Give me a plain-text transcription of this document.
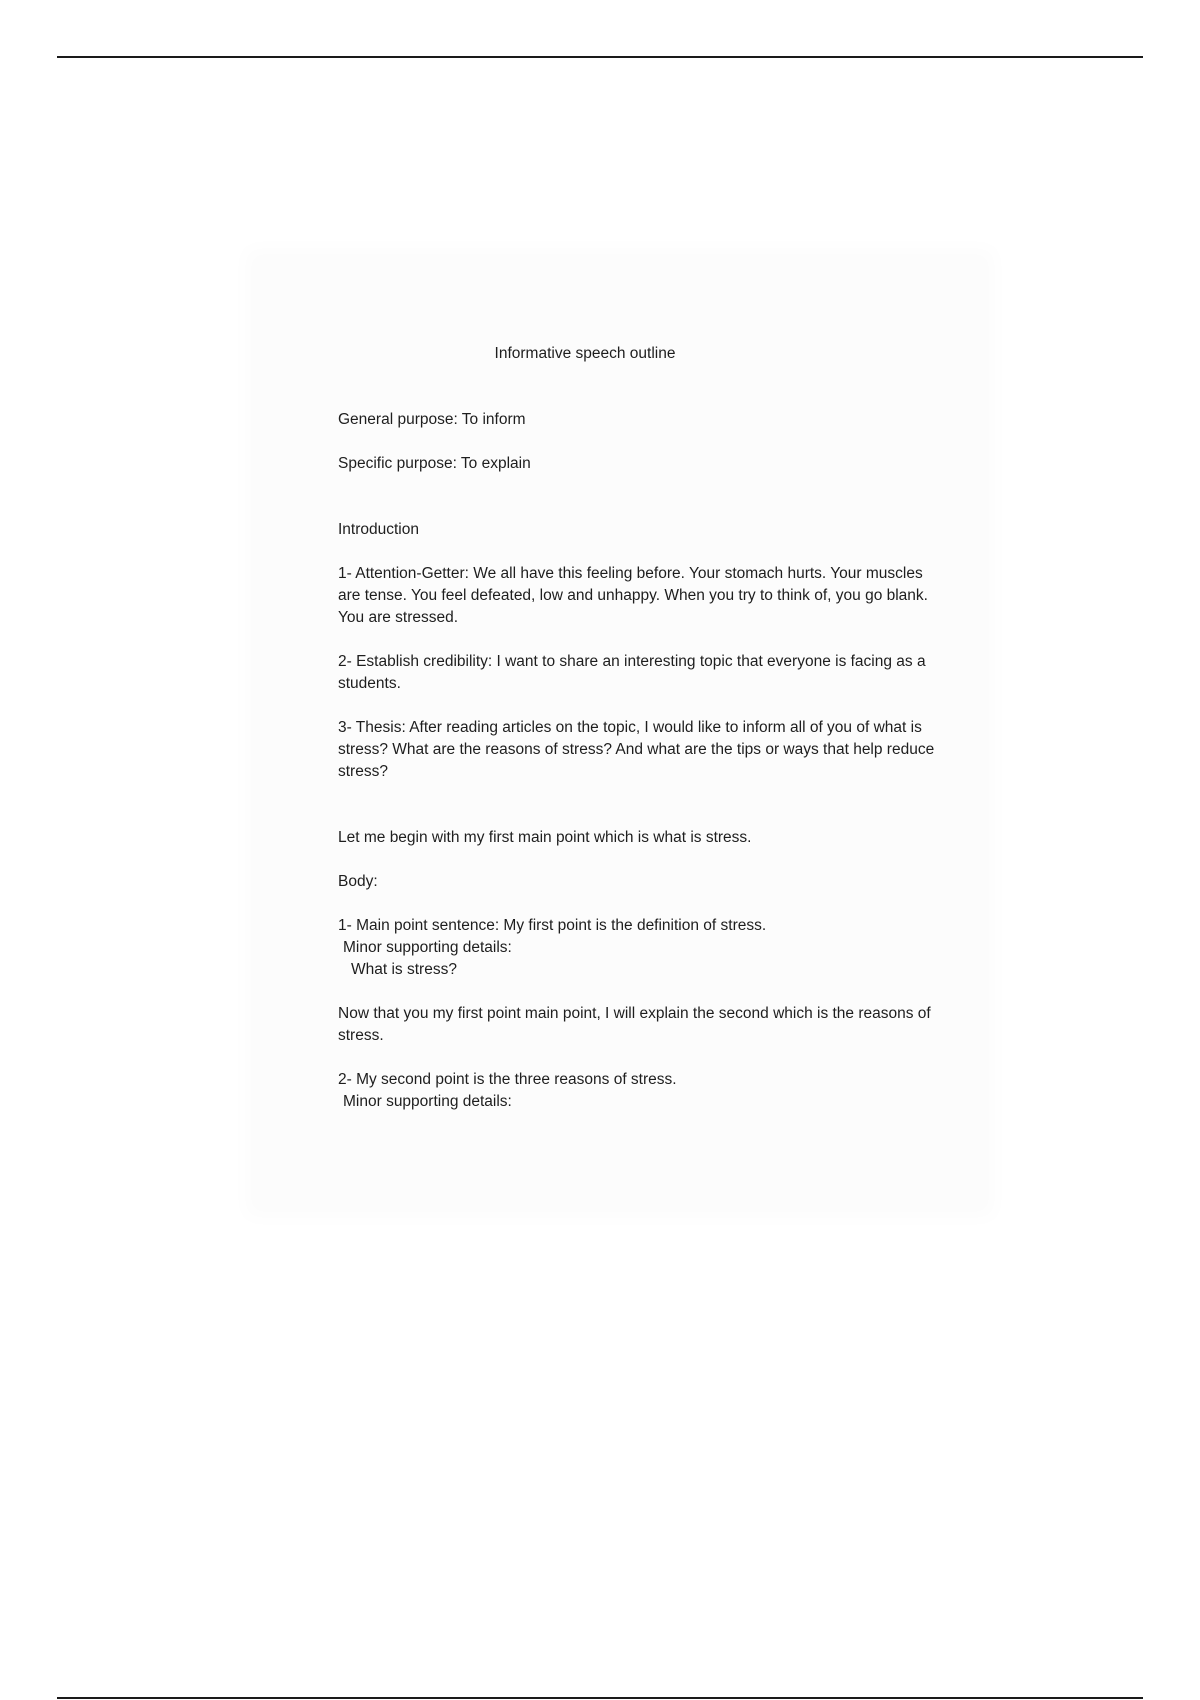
Informative speech outline

General purpose: To inform

Specific purpose: To explain

Introduction

1- Attention-Getter: We all have this feeling before. Your stomach hurts. Your muscles are tense. You feel defeated, low and unhappy. When you try to think of, you go blank. You are stressed.

2- Establish credibility: I want to share an interesting topic that everyone is facing as a students.

3- Thesis: After reading articles on the topic, I would like to inform all of you of what is stress? What are the reasons of stress? And what are the tips or ways that help reduce stress?

Let me begin with my first main point which is what is stress.

Body:

1- Main point sentence: My first point is the definition of stress.

Minor supporting details:

What is stress?

Now that you my first point main point, I will explain the second which is the reasons of stress.

2- My second point is the three reasons of stress.

Minor supporting details:
